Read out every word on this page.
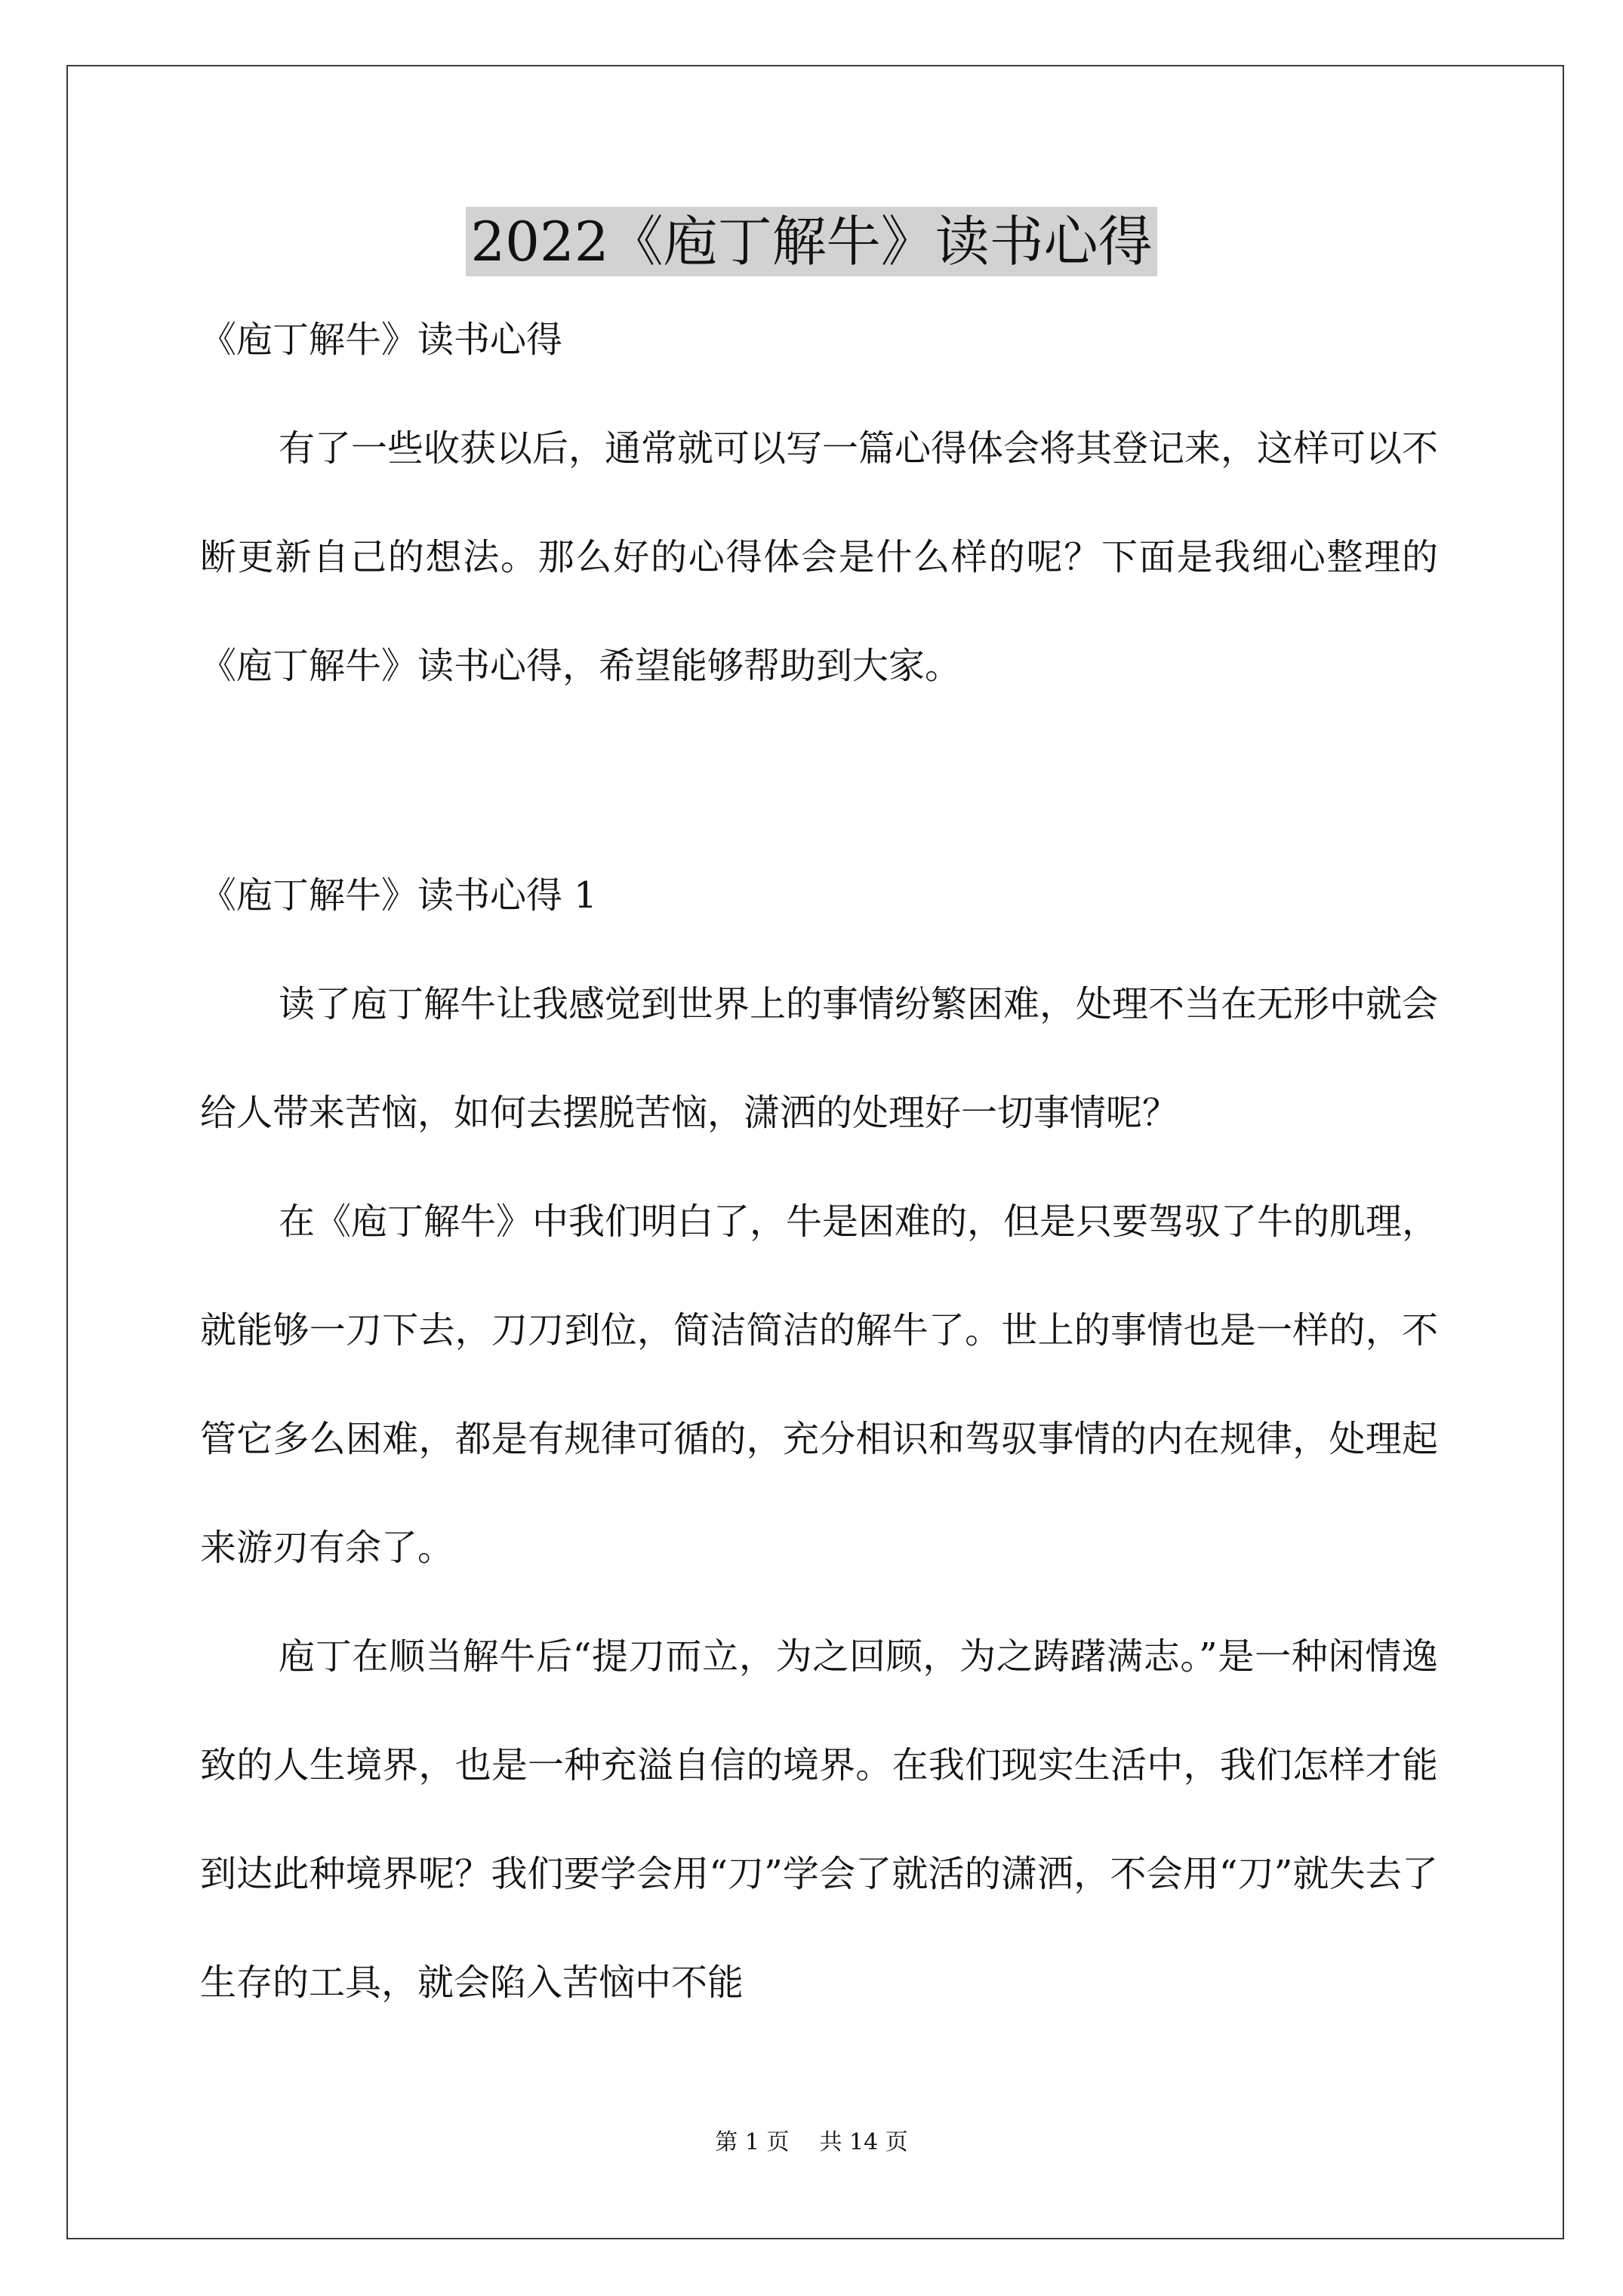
2022《庖丁解牛》读书心得

《庖丁解牛》读书心得

有了一些收获以后，通常就可以写一篇心得体会将其登记来，这样可以不断更新自己的想法。那么好的心得体会是什么样的呢？下面是我细心整理的《庖丁解牛》读书心得，希望能够帮助到大家。

《庖丁解牛》读书心得 1

读了庖丁解牛让我感觉到世界上的事情纷繁困难，处理不当在无形中就会给人带来苦恼，如何去摆脱苦恼，潇洒的处理好一切事情呢？

在《庖丁解牛》中我们明白了，牛是困难的，但是只要驾驭了牛的肌理，就能够一刀下去，刀刀到位，简洁简洁的解牛了。世上的事情也是一样的，不管它多么困难，都是有规律可循的，充分相识和驾驭事情的内在规律，处理起来游刃有余了。

庖丁在顺当解牛后“提刀而立，为之回顾，为之踌躇满志。”是一种闲情逸致的人生境界，也是一种充溢自信的境界。在我们现实生活中，我们怎样才能到达此种境界呢？我们要学会用“刀”学会了就活的潇洒，不会用“刀”就失去了生存的工具，就会陷入苦恼中不能

第 1 页 共 14 页
